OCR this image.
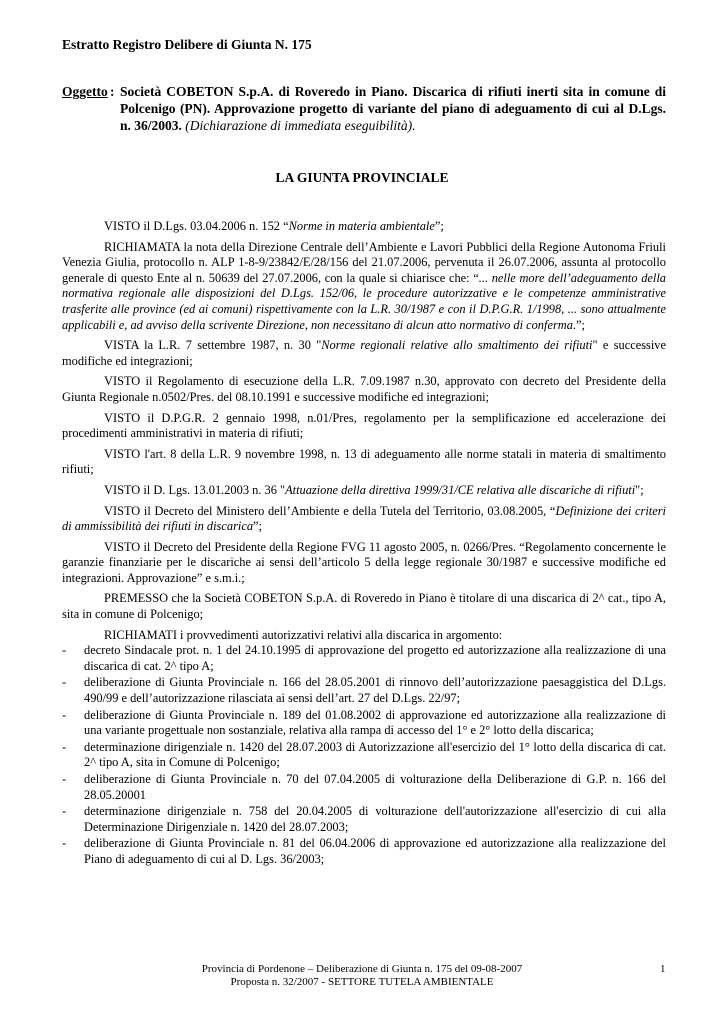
Estratto Registro Delibere di Giunta N. 175
Oggetto : Società COBETON S.p.A. di Roveredo in Piano. Discarica di rifiuti inerti sita in comune di Polcenigo (PN). Approvazione progetto di variante del piano di adeguamento di cui al D.Lgs. n. 36/2003. (Dichiarazione di immediata eseguibilità).
LA GIUNTA PROVINCIALE

VISTO il D.Lgs. 03.04.2006 n. 152 “Norme in materia ambientale”;

RICHIAMATA la nota della Direzione Centrale dell’Ambiente e Lavori Pubblici della Regione Autonoma Friuli Venezia Giulia, protocollo n. ALP 1-8-9/23842/E/28/156 del 21.07.2006, pervenuta il 26.07.2006, assunta al protocollo generale di questo Ente al n. 50639 del 27.07.2006, con la quale si chiarisce che: “... nelle more dell’adeguamento della normativa regionale alle disposizioni del D.Lgs. 152/06, le procedure autorizzative e le competenze amministrative trasferite alle province (ed ai comuni) rispettivamente con la L.R. 30/1987 e con il D.P.G.R. 1/1998, ... sono attualmente applicabili e, ad avviso della scrivente Direzione, non necessitano di alcun atto normativo di conferma.”;

VISTA la L.R. 7 settembre 1987, n. 30 "Norme regionali relative allo smaltimento dei rifiuti" e successive modifiche ed integrazioni;

VISTO il Regolamento di esecuzione della L.R. 7.09.1987 n.30, approvato con decreto del Presidente della Giunta Regionale n.0502/Pres. del 08.10.1991 e successive modifiche ed integrazioni;

VISTO il D.P.G.R. 2 gennaio 1998, n.01/Pres, regolamento per la semplificazione ed accelerazione dei procedimenti amministrativi in materia di rifiuti;

VISTO l'art. 8 della L.R. 9 novembre 1998, n. 13 di adeguamento alle norme statali in materia di smaltimento rifiuti;

VISTO il D. Lgs. 13.01.2003 n. 36 "Attuazione della direttiva 1999/31/CE relativa alle discariche di rifiuti";

VISTO il Decreto del Ministero dell’Ambiente e della Tutela del Territorio, 03.08.2005, “Definizione dei criteri di ammissibilità dei rifiuti in discarica”;

VISTO il Decreto del Presidente della Regione FVG 11 agosto 2005, n. 0266/Pres. “Regolamento concernente le garanzie finanziarie per le discariche ai sensi dell’articolo 5 della legge regionale 30/1987 e successive modifiche ed integrazioni. Approvazione” e s.m.i.;

PREMESSO che la Società COBETON S.p.A. di Roveredo in Piano è titolare di una discarica di 2^ cat., tipo A, sita in comune di Polcenigo;

RICHIAMATI i provvedimenti autorizzativi relativi alla discarica in argomento:

- decreto Sindacale prot. n. 1 del 24.10.1995 di approvazione del progetto ed autorizzazione alla realizzazione di una discarica di cat. 2^ tipo A;
- deliberazione di Giunta Provinciale n. 166 del 28.05.2001 di rinnovo dell’autorizzazione paesaggistica del D.Lgs. 490/99 e dell’autorizzazione rilasciata ai sensi dell’art. 27 del D.Lgs. 22/97;
- deliberazione di Giunta Provinciale n. 189 del 01.08.2002 di approvazione ed autorizzazione alla realizzazione di una variante progettuale non sostanziale, relativa alla rampa di accesso del 1° e 2° lotto della discarica;
- determinazione dirigenziale n. 1420 del 28.07.2003 di Autorizzazione all'esercizio del 1° lotto della discarica di cat. 2^ tipo A, sita in Comune di Polcenigo;
- deliberazione di Giunta Provinciale n. 70 del 07.04.2005 di volturazione della Deliberazione di G.P. n. 166 del 28.05.20001
- determinazione dirigenziale n. 758 del 20.04.2005 di volturazione dell'autorizzazione all'esercizio di cui alla Determinazione Dirigenziale n. 1420 del 28.07.2003;
- deliberazione di Giunta Provinciale n. 81 del 06.04.2006 di approvazione ed autorizzazione alla realizzazione del Piano di adeguamento di cui al D. Lgs. 36/2003;
Provincia di Pordenone – Deliberazione di Giunta n. 175 del 09-08-2007
Proposta n. 32/2007 - SETTORE TUTELA AMBIENTALE
1
